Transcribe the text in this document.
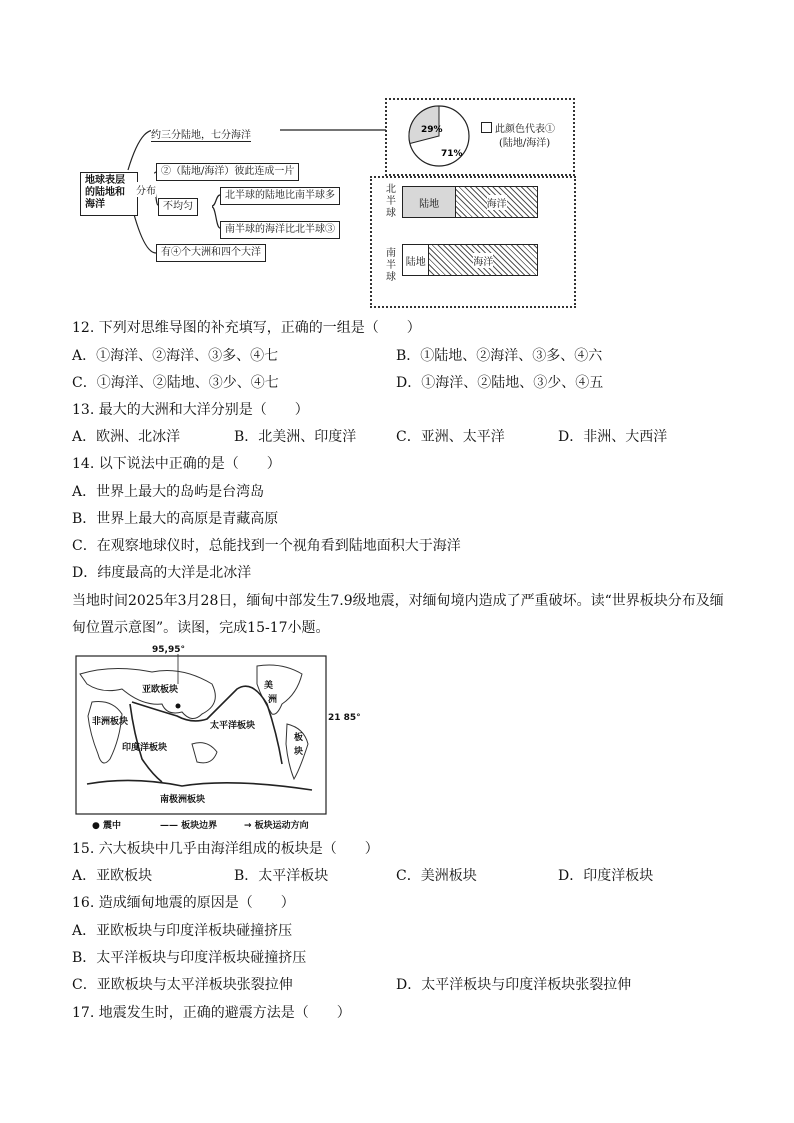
地球表层的陆地和海洋
约三分陆地，七分海洋
分布
②（陆地/海洋）彼此连成一片
不均匀
北半球的陆地比南半球多
南半球的海洋比北半球③
有④个大洲和四个大洋
29%
71%
此颜色代表①
(陆地/海洋)
北半球
陆地	海洋
南半球
陆地	海洋
12. 下列对思维导图的补充填写，正确的一组是（　　）
A．①海洋、②海洋、③多、④七	B．①陆地、②海洋、③多、④六
C．①海洋、②陆地、③少、④七	D．①海洋、②陆地、③少、④五
13. 最大的大洲和大洋分别是（　　）
A．欧洲、北冰洋	B．北美洲、印度洋	C．亚洲、太平洋	D．非洲、大西洋
14. 以下说法中正确的是（　　）
A．世界上最大的岛屿是台湾岛
B．世界上最大的高原是青藏高原
C．在观察地球仪时，总能找到一个视角看到陆地面积大于海洋
D．纬度最高的大洋是北冰洋
当地时间2025年3月28日，缅甸中部发生7.9级地震，对缅甸境内造成了严重破坏。读“世界板块分布及缅
甸位置示意图”。读图，完成15-17小题。
95,95°
21 85°
亚欧板块
非洲板块
印度洋板块
太平洋板块
美
洲
板
块
南极洲板块
● 震中	—— 板块边界	→ 板块运动方向
15. 六大板块中几乎由海洋组成的板块是（　　）
A．亚欧板块	B．太平洋板块	C．美洲板块	D．印度洋板块
16. 造成缅甸地震的原因是（　　）
A．亚欧板块与印度洋板块碰撞挤压
B．太平洋板块与印度洋板块碰撞挤压
C．亚欧板块与太平洋板块张裂拉伸	D．太平洋板块与印度洋板块张裂拉伸
17. 地震发生时，正确的避震方法是（　　）
